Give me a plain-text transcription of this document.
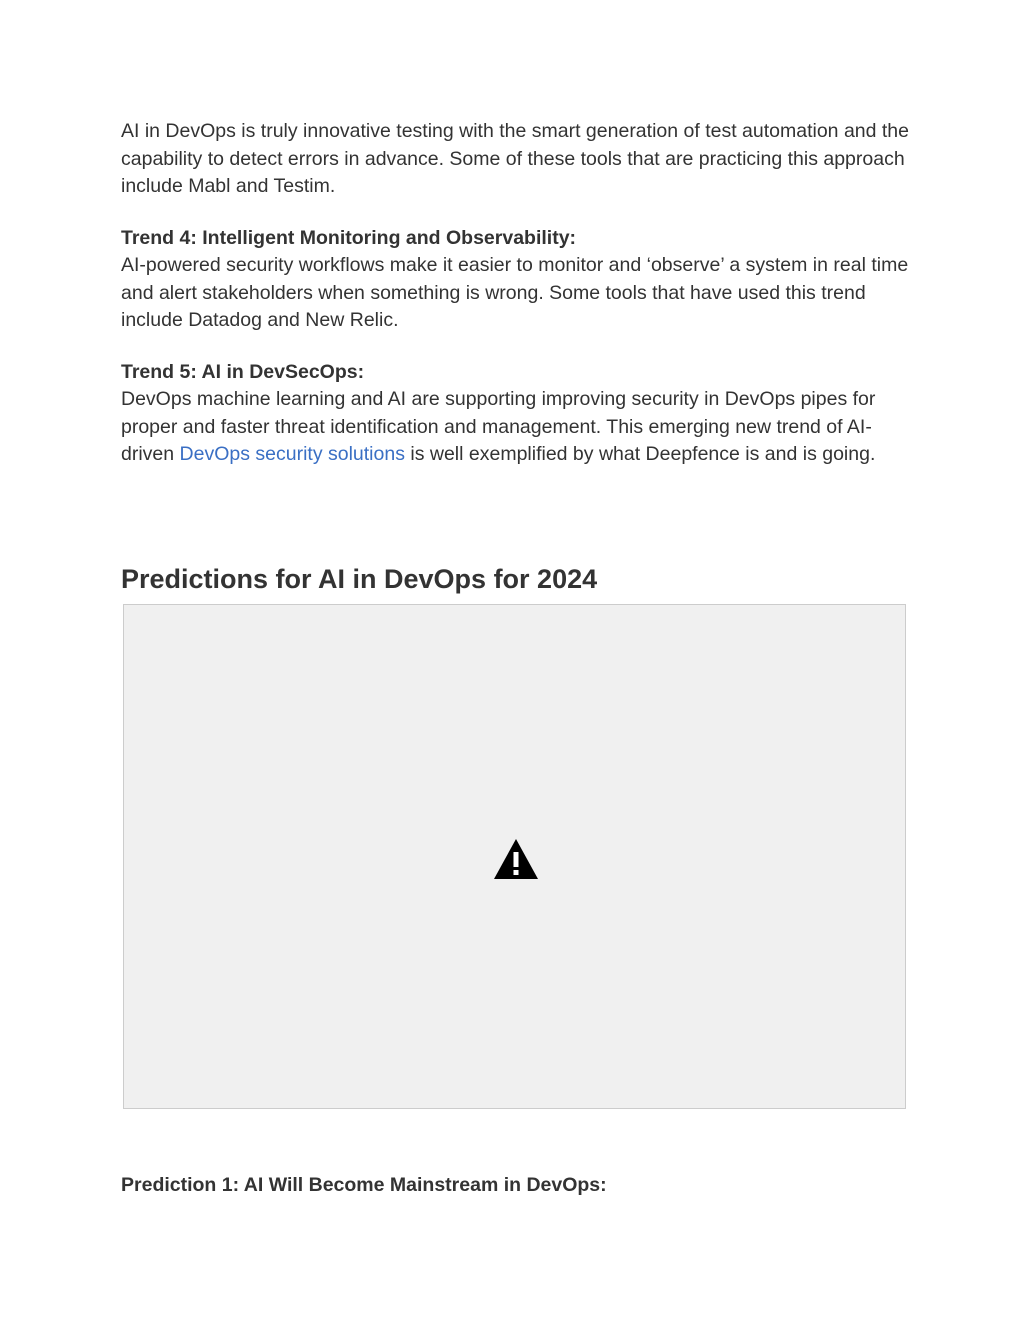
AI in DevOps is truly innovative testing with the smart generation of test automation and the capability to detect errors in advance. Some of these tools that are practicing this approach include Mabl and Testim.

Trend 4: Intelligent Monitoring and Observability:

AI-powered security workflows make it easier to monitor and ‘observe’ a system in real time and alert stakeholders when something is wrong. Some tools that have used this trend include Datadog and New Relic.

Trend 5: AI in DevSecOps:

DevOps machine learning and AI are supporting improving security in DevOps pipes for proper and faster threat identification and management. This emerging new trend of AI-driven DevOps security solutions is well exemplified by what Deepfence is and is going.

Predictions for AI in DevOps for 2024

Prediction 1: AI Will Become Mainstream in DevOps:
